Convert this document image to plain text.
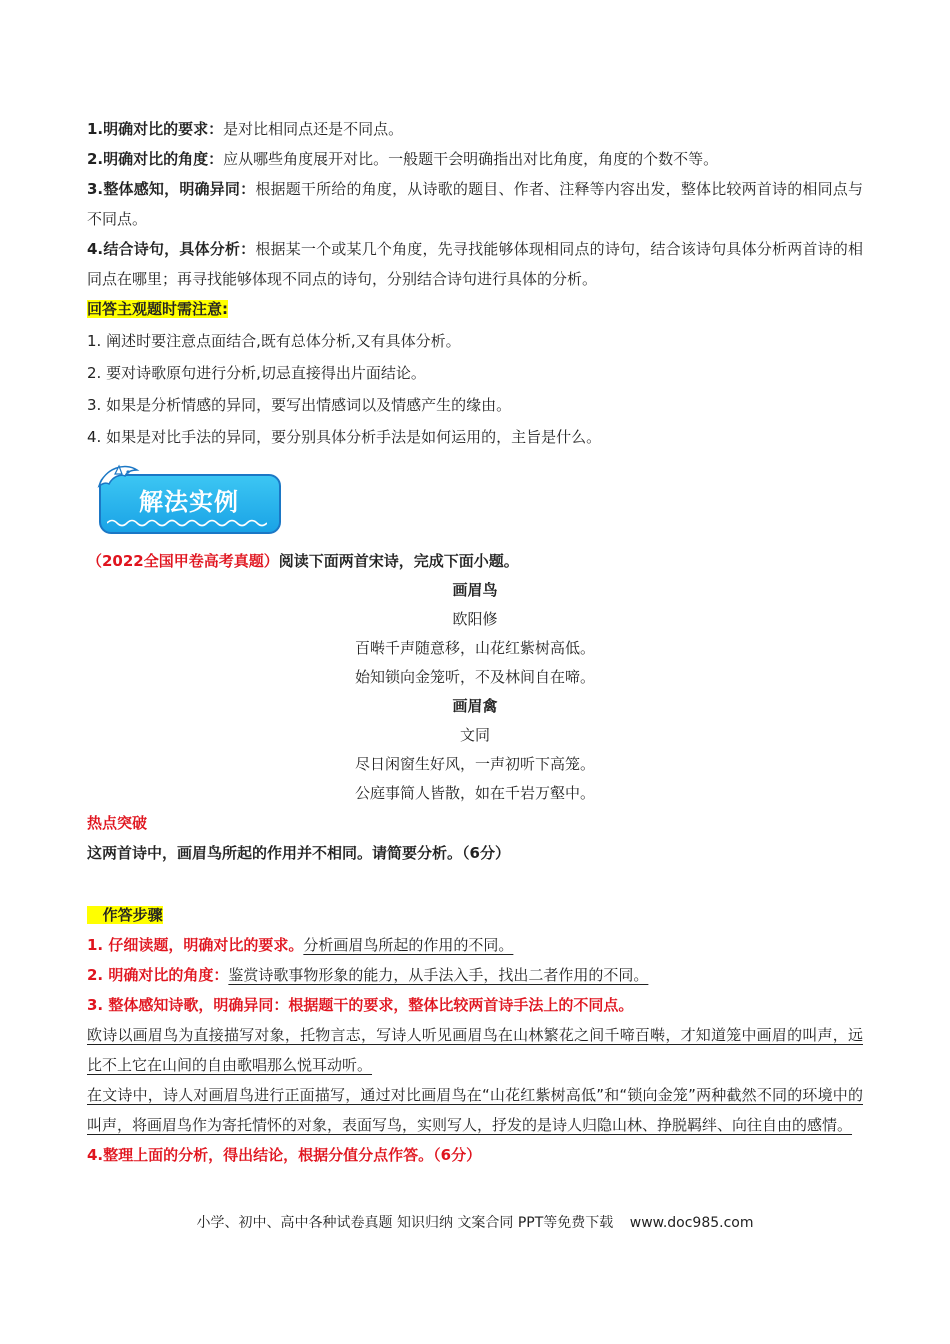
1.明确对比的要求：是对比相同点还是不同点。

2.明确对比的角度：应从哪些角度展开对比。一般题干会明确指出对比角度，角度的个数不等。

3.整体感知，明确异同：根据题干所给的角度，从诗歌的题目、作者、注释等内容出发，整体比较两首诗的相同点与不同点。

4.结合诗句，具体分析：根据某一个或某几个角度，先寻找能够体现相同点的诗句，结合该诗句具体分析两首诗的相同点在哪里；再寻找能够体现不同点的诗句，分别结合诗句进行具体的分析。

回答主观题时需注意:

1. 阐述时要注意点面结合,既有总体分析,又有具体分析。

2. 要对诗歌原句进行分析,切忌直接得出片面结论。

3. 如果是分析情感的异同，要写出情感词以及情感产生的缘由。

4. 如果是对比手法的异同，要分别具体分析手法是如何运用的，主旨是什么。

解法实例

（2022全国甲卷高考真题）阅读下面两首宋诗，完成下面小题。

画眉鸟
欧阳修
百啭千声随意移，山花红紫树高低。
始知锁向金笼听，不及林间自在啼。
画眉禽
文同
尽日闲窗生好风，一声初听下高笼。
公庭事简人皆散，如在千岩万壑中。

热点突破

这两首诗中，画眉鸟所起的作用并不相同。请简要分析。（6分）

作答步骤

1. 仔细读题，明确对比的要求。分析画眉鸟所起的作用的不同。

2. 明确对比的角度：鉴赏诗歌事物形象的能力，从手法入手，找出二者作用的不同。

3. 整体感知诗歌，明确异同：根据题干的要求，整体比较两首诗手法上的不同点。

欧诗以画眉鸟为直接描写对象，托物言志，写诗人听见画眉鸟在山林繁花之间千啼百啭，才知道笼中画眉的叫声，远比不上它在山间的自由歌唱那么悦耳动听。

在文诗中，诗人对画眉鸟进行正面描写，通过对比画眉鸟在“山花红紫树高低”和“锁向金笼”两种截然不同的环境中的叫声，将画眉鸟作为寄托情怀的对象，表面写鸟，实则写人，抒发的是诗人归隐山林、挣脱羁绊、向往自由的感情。

4.整理上面的分析，得出结论，根据分值分点作答。（6分）

小学、初中、高中各种试卷真题 知识归纳 文案合同 PPT等免费下载 www.doc985.com
